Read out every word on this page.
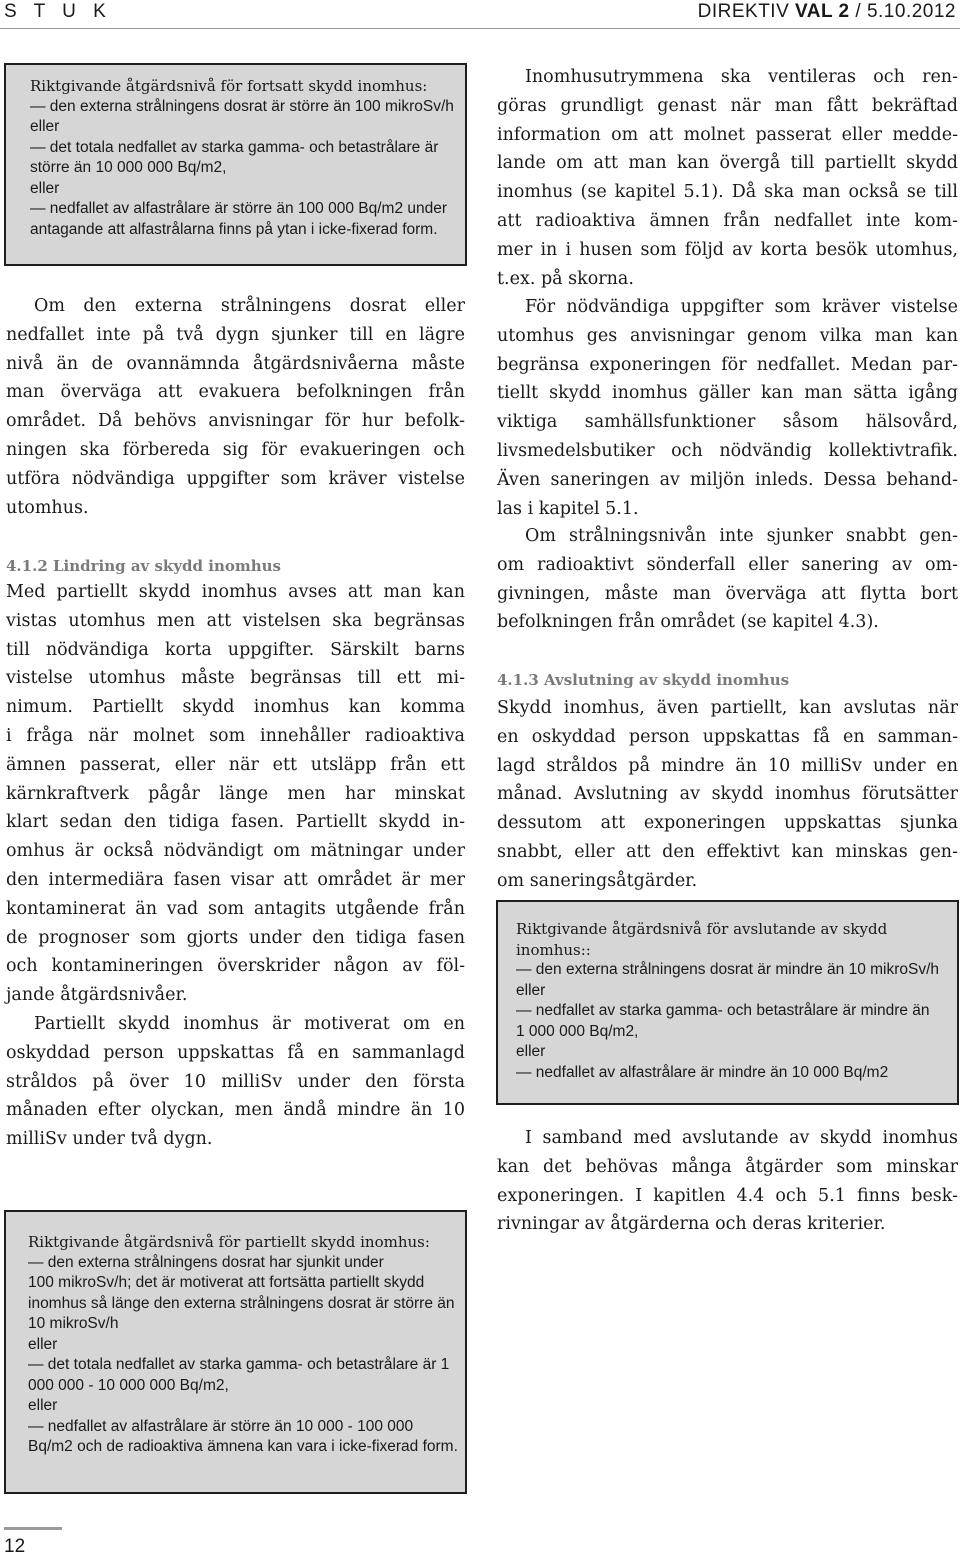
S T U K	DIREKTIV VAL 2 / 5.10.2012
Riktgivande åtgärdsnivå för fortsatt skydd inomhus:
— den externa strålningens dosrat är större än 100 mikroSv/h
eller
— det totala nedfallet av starka gamma- och betastrålare är
större än 10 000 000 Bq/m2,
eller
— nedfallet av alfastrålare är större än 100 000 Bq/m2 under
antagande att alfastrålarna finns på ytan i icke-fixerad form.
Om den externa strålningens dosrat eller
nedfallet inte på två dygn sjunker till en lägre
nivå än de ovannämnda åtgärdsnivåerna måste
man överväga att evakuera befolkningen från
området. Då behövs anvisningar för hur befolk-
ningen ska förbereda sig för evakueringen och
utföra nödvändiga uppgifter som kräver vistelse
utomhus.
4.1.2 Lindring av skydd inomhus
Med partiellt skydd inomhus avses att man kan
vistas utomhus men att vistelsen ska begränsas
till nödvändiga korta uppgifter. Särskilt barns
vistelse utomhus måste begränsas till ett mi-
nimum. Partiellt skydd inomhus kan komma
i fråga när molnet som innehåller radioaktiva
ämnen passerat, eller när ett utsläpp från ett
kärnkraftverk pågår länge men har minskat
klart sedan den tidiga fasen. Partiellt skydd in-
omhus är också nödvändigt om mätningar under
den intermediära fasen visar att området är mer
kontaminerat än vad som antagits utgående från
de prognoser som gjorts under den tidiga fasen
och kontamineringen överskrider någon av föl-
jande åtgärdsnivåer.
Partiellt skydd inomhus är motiverat om en
oskyddad person uppskattas få en sammanlagd
stråldos på över 10 milliSv under den första
månaden efter olyckan, men ändå mindre än 10
milliSv under två dygn.
Riktgivande åtgärdsnivå för partiellt skydd inomhus:
— den externa strålningens dosrat har sjunkit under
100 mikroSv/h; det är motiverat att fortsätta partiellt skydd
inomhus så länge den externa strålningens dosrat är större än
10 mikroSv/h
eller
— det totala nedfallet av starka gamma- och betastrålare är 1
000 000 - 10 000 000 Bq/m2,
eller
— nedfallet av alfastrålare är större än 10 000 - 100 000
Bq/m2 och de radioaktiva ämnena kan vara i icke-fixerad form.
Inomhusutrymmena ska ventileras och ren-
göras grundligt genast när man fått bekräftad
information om att molnet passerat eller medde-
lande om att man kan övergå till partiellt skydd
inomhus (se kapitel 5.1). Då ska man också se till
att radioaktiva ämnen från nedfallet inte kom-
mer in i husen som följd av korta besök utomhus,
t.ex. på skorna.
För nödvändiga uppgifter som kräver vistelse
utomhus ges anvisningar genom vilka man kan
begränsa exponeringen för nedfallet. Medan par-
tiellt skydd inomhus gäller kan man sätta igång
viktiga samhällsfunktioner såsom hälsovård,
livsmedelsbutiker och nödvändig kollektivtrafik.
Även saneringen av miljön inleds. Dessa behand-
las i kapitel 5.1.
Om strålningsnivån inte sjunker snabbt gen-
om radioaktivt sönderfall eller sanering av om-
givningen, måste man överväga att flytta bort
befolkningen från området (se kapitel 4.3).
4.1.3 Avslutning av skydd inomhus
Skydd inomhus, även partiellt, kan avslutas när
en oskyddad person uppskattas få en samman-
lagd stråldos på mindre än 10 milliSv under en
månad. Avslutning av skydd inomhus förutsätter
dessutom att exponeringen uppskattas sjunka
snabbt, eller att den effektivt kan minskas gen-
om saneringsåtgärder.
Riktgivande åtgärdsnivå för avslutande av skydd
inomhus::
— den externa strålningens dosrat är mindre än 10 mikroSv/h
eller
— nedfallet av starka gamma- och betastrålare är mindre än
1 000 000 Bq/m2,
eller
— nedfallet av alfastrålare är mindre än 10 000 Bq/m2
I samband med avslutande av skydd inomhus
kan det behövas många åtgärder som minskar
exponeringen. I kapitlen 4.4 och 5.1 finns besk-
rivningar av åtgärderna och deras kriterier.
12
